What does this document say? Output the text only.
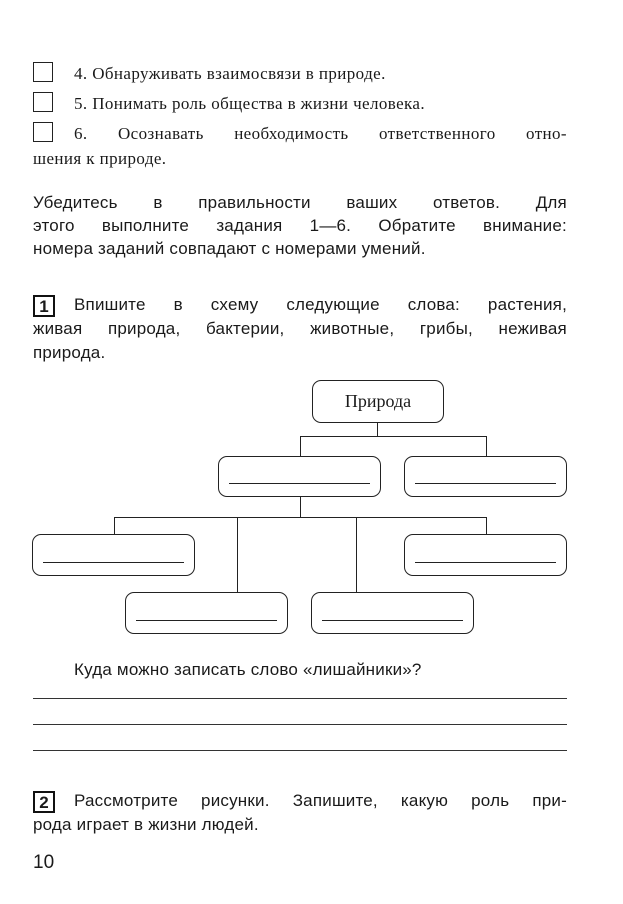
4. Обнаруживать взаимосвязи в природе.
5. Понимать роль общества в жизни человека.
6. Осознавать необходимость ответственного отно-
шения к природе.
Убедитесь в правильности ваших ответов. Для
этого выполните задания 1—6. Обратите внимание:
номера заданий совпадают с номерами умений.
1	Впишите в схему следующие слова: растения,
живая природа, бактерии, животные, грибы, неживая
природа.
Природа
Куда можно записать слово «лишайники»?
2	Рассмотрите рисунки. Запишите, какую роль при-
рода играет в жизни людей.
10
